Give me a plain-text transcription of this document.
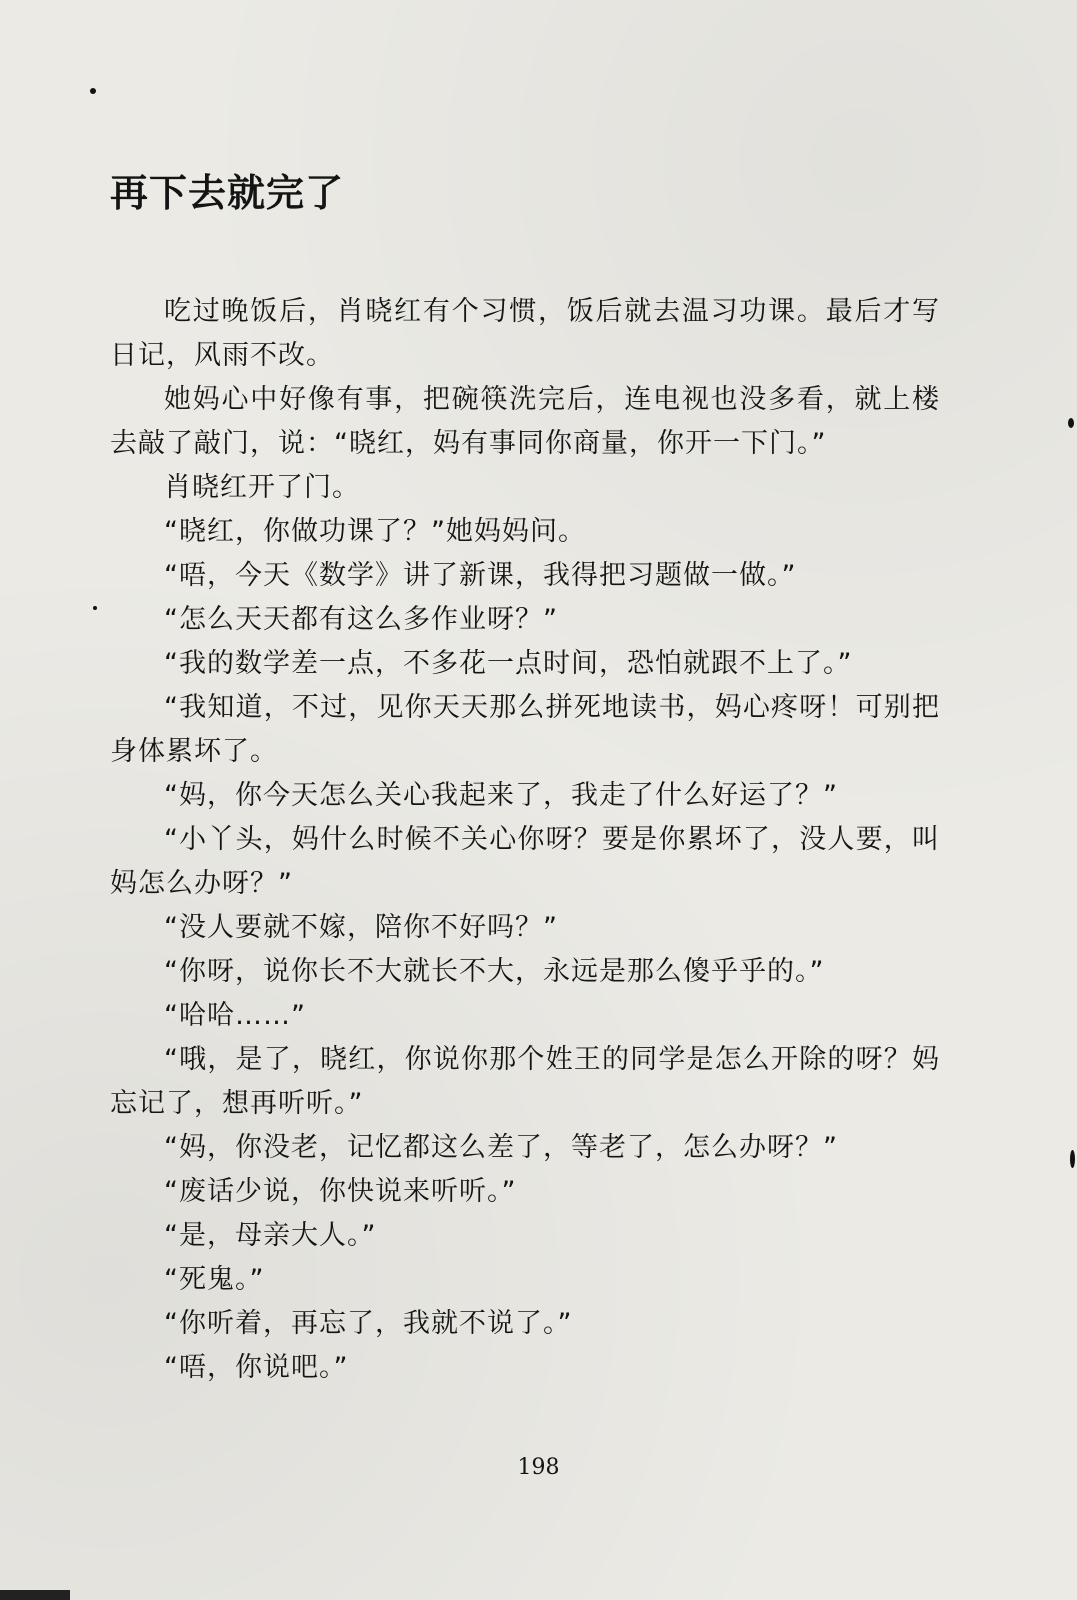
再下去就完了

吃过晚饭后，肖晓红有个习惯，饭后就去温习功课。最后才写日记，风雨不改。

她妈心中好像有事，把碗筷洗完后，连电视也没多看，就上楼去敲了敲门，说：“晓红，妈有事同你商量，你开一下门。”

肖晓红开了门。

“晓红，你做功课了？”她妈妈问。

“唔，今天《数学》讲了新课，我得把习题做一做。”

“怎么天天都有这么多作业呀？”

“我的数学差一点，不多花一点时间，恐怕就跟不上了。”

“我知道，不过，见你天天那么拼死地读书，妈心疼呀！可别把身体累坏了。

“妈，你今天怎么关心我起来了，我走了什么好运了？”

“小丫头，妈什么时候不关心你呀？要是你累坏了，没人要，叫妈怎么办呀？”

“没人要就不嫁，陪你不好吗？”

“你呀，说你长不大就长不大，永远是那么傻乎乎的。”

“哈哈……”

“哦，是了，晓红，你说你那个姓王的同学是怎么开除的呀？妈忘记了，想再听听。”

“妈，你没老，记忆都这么差了，等老了，怎么办呀？”

“废话少说，你快说来听听。”

“是，母亲大人。”

“死鬼。”

“你听着，再忘了，我就不说了。”

“唔，你说吧。”

198
